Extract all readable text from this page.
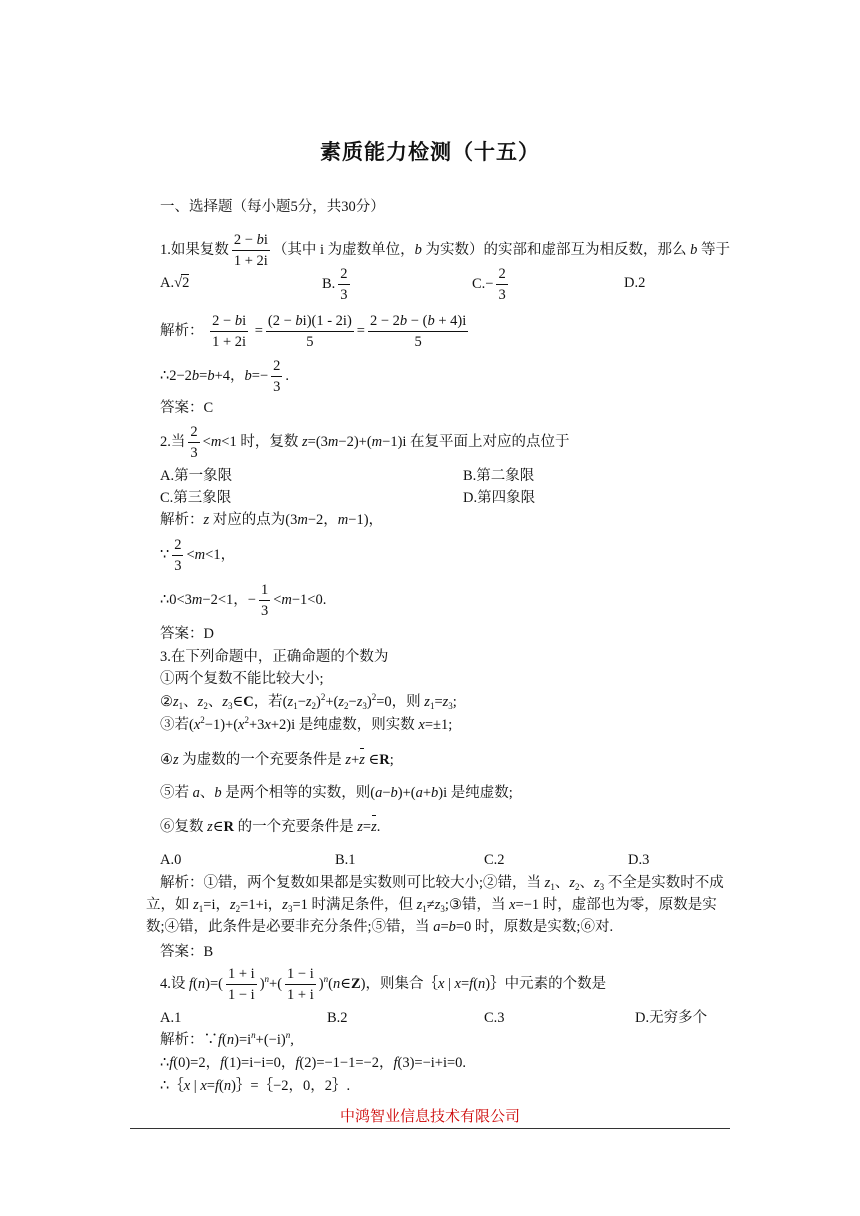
素质能力检测（十五）
一、选择题（每小题5分，共30分）
1.如果复数 $\frac{2 - bi}{1 + 2i}$ （其中 i 为虚数单位，b 为实数）的实部和虚部互为相反数，那么 b 等于
A.√2	B. $\frac{2}{3}$	$C.- \frac{2}{3}$	D.2
解析： $\frac{2 - bi}{1 + 2i} = \frac{(2 - bi)(1 - 2i)}{5} = \frac{2 - 2b - (b + 4)i}{5}$
∴2−2b=b+4，$b=- \frac{2}{3}$ .
答案：C
2.当 $\frac{2}{3} <m<1$ 时，复数 z=(3m−2)+(m−1)i 在复平面上对应的点位于
A.第一象限	B.第二象限
C.第三象限	D.第四象限
解析：z 对应的点为(3m−2，m−1)，
∵ $\frac{2}{3} <m<1$，
∴0<3m−2<1，− $\frac{1}{3} <m-1<0$.
答案：D
3.在下列命题中，正确命题的个数为
①两个复数不能比较大小;
$②z_1$、$z_2$、$z_3\in C$，若$(z_1-z_2)^2+(z_2-z_3)^2=0$，则 $z_1=z_3$;
③若$(x^2-1)+(x^2+3x+2)i$ 是纯虚数，则实数 x=±1;
④z 为虚数的一个充要条件是 z+z ∈R;
⑤若 a、b 是两个相等的实数，则(a−b)+(a+b)i 是纯虚数;
⑥复数 z∈R 的一个充要条件是 z=z.
A.0	B.1	C.2	D.3
解析：①错，两个复数如果都是实数则可比较大小;②错，当 $z_1$、$z_2$、$z_3$ 不全是实数时不成立，如 $z_1=i$，$z_2=1+i$，$z_3=1$ 时满足条件，但 $z_1\ne z_3;③$错，当 x=−1 时，虚部也为零，原数是实数;④错，此条件是必要非充分条件;⑤错，当 a=b=0 时，原数是实数;⑥对.
答案：B
4.设 $f(n)=( \frac{1 + i}{1 - i} )^n+( \frac{1 - i}{1 + i}$ )$^n(n\in Z)$，则集合｛x | x=f(n)｝中元素的个数是
A.1	B.2	C.3	D.无穷多个
解析：$\because f(n)=i^n+(-i)^n$,
∴f(0)=2，f(1)=i−i=0，f(2)=−1−1=−2，f(3)=−i+i=0.
∴｛x | x=f(n)｝=｛−2，0，2｝.
中鸿智业信息技术有限公司
